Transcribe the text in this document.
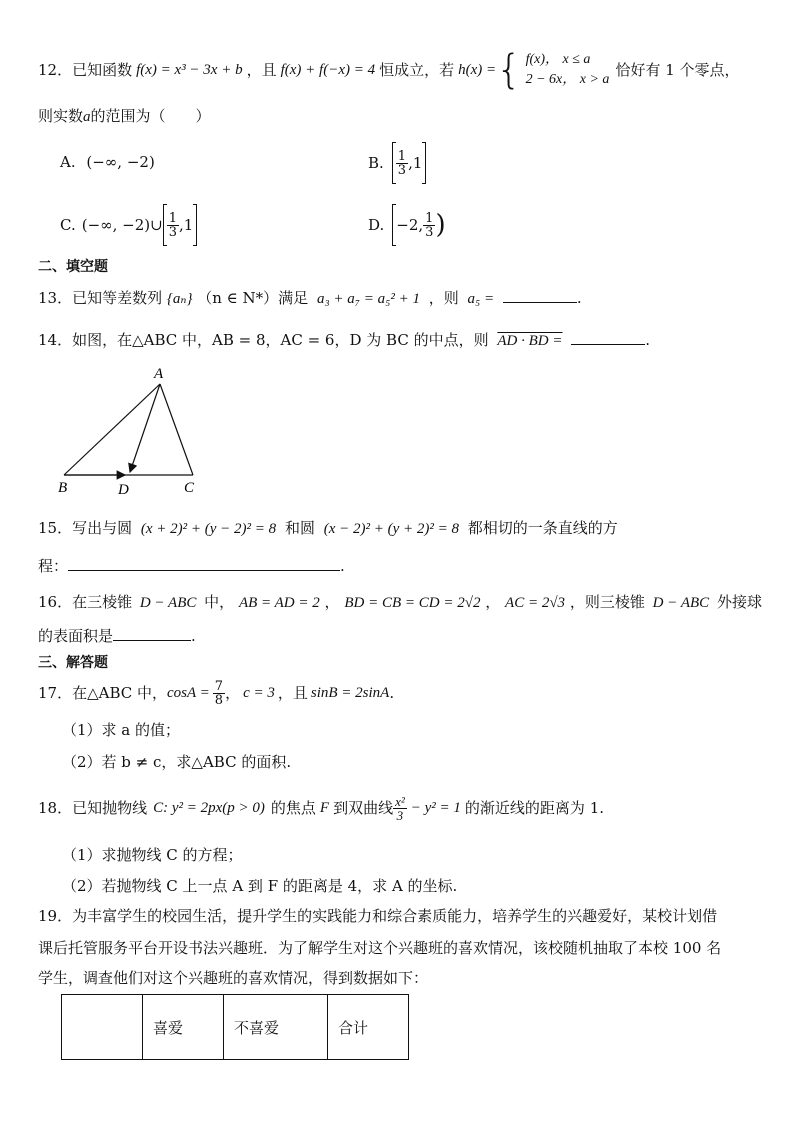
12．已知函数 f(x) = x³ − 3x + b ，且 f(x) + f(−x) = 4 恒成立，若 h(x) = { f(x)， x ≤ a
2 − 6x， x > a
恰好有 1 个零点，
则实数a的范围为（　　）
A. (−∞, −2)	B. $\frac{1}{3} ,1$
C. (−∞, −2)∪ $\frac{1}{3} ,1$	D. −2, $\frac{1}{3}$ )
二、填空题
13．已知等差数列 {aₙ} （n ∈ N*）满足 a₃ + a₇ = a₅² + 1 ，则 a₅ =	.
14．如图，在△ABC 中，AB = 8，AC = 6，D 为 BC 的中点，则 AD · BD =	.
A
B	D	C
15．写出与圆 (x + 2)² + (y − 2)² = 8 和圆 (x − 2)² + (y + 2)² = 8 都相切的一条直线的方
程：	.
16．在三棱锥 D − ABC 中， AB = AD = 2 ， BD = CB = CD = 2√2 ， AC = 2√3 ，则三棱锥 D − ABC 外接球
的表面积是	.
三、解答题
17．在△ABC 中， $\cos A = \frac{7}{8}$ ， c = 3 ，且 sinB = 2sinA .
（1）求 a 的值；
（2）若 b ≠ c，求△ABC 的面积.
18．已知抛物线 C: y² = 2px(p > 0) 的焦点 F 到双曲线 $\frac{\text{x²}}{3} - y^2 = 1$ 的渐近线的距离为 1.
（1）求抛物线 C 的方程；
（2）若抛物线 C 上一点 A 到 F 的距离是 4，求 A 的坐标.
19．为丰富学生的校园生活，提升学生的实践能力和综合素质能力，培养学生的兴趣爱好，某校计划借
课后托管服务平台开设书法兴趣班．为了解学生对这个兴趣班的喜欢情况，该校随机抽取了本校 100 名
学生，调查他们对这个兴趣班的喜欢情况，得到数据如下：
	喜爱	不喜爱	合计
